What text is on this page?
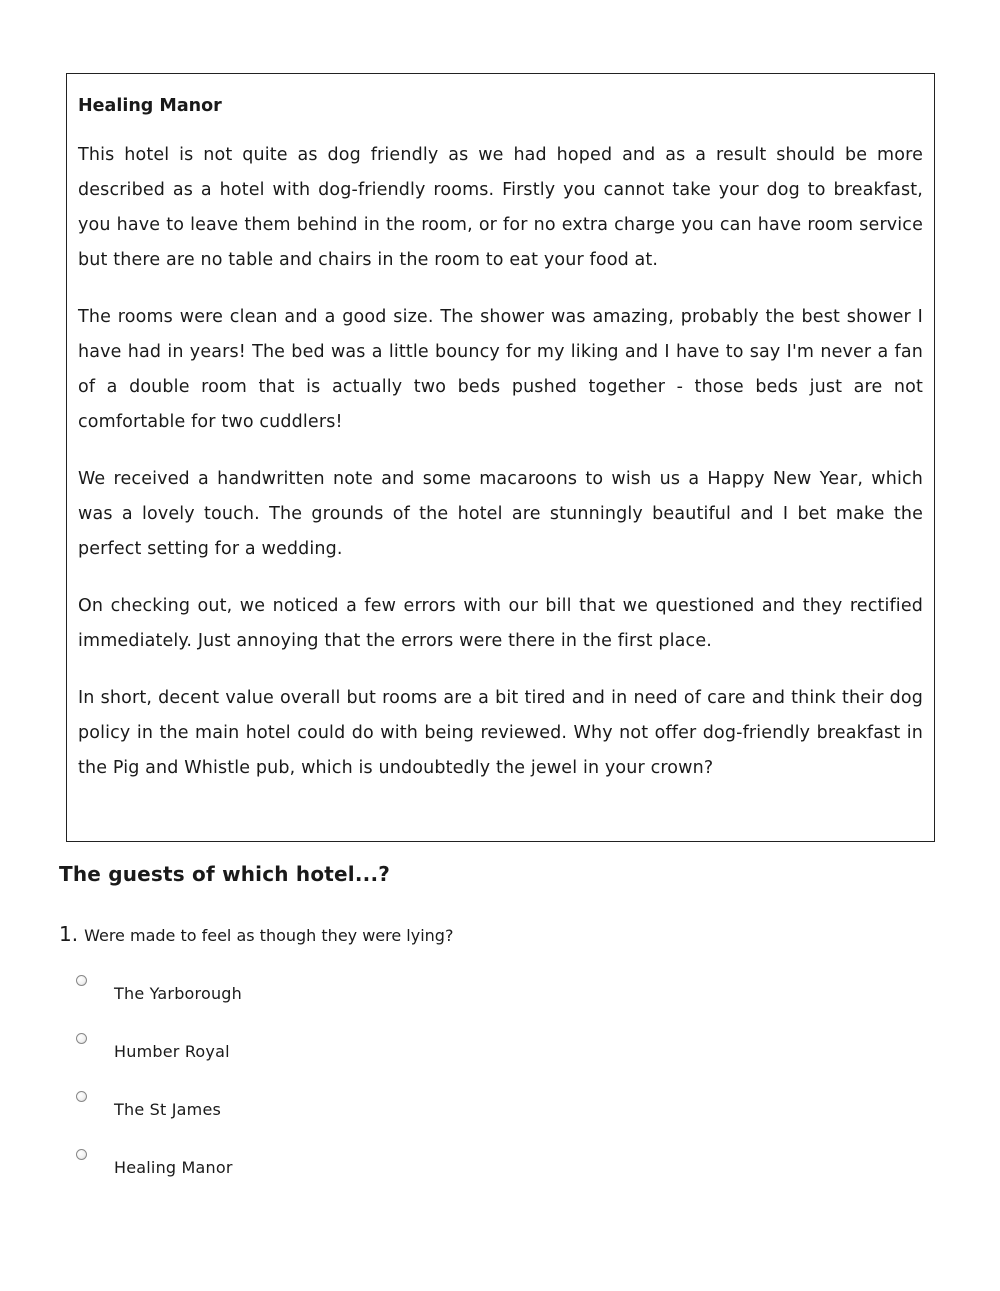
Healing Manor

This hotel is not quite as dog friendly as we had hoped and as a result should be more described as a hotel with dog-friendly rooms. Firstly you cannot take your dog to breakfast, you have to leave them behind in the room, or for no extra charge you can have room service but there are no table and chairs in the room to eat your food at.

The rooms were clean and a good size. The shower was amazing, probably the best shower I have had in years! The bed was a little bouncy for my liking and I have to say I'm never a fan of a double room that is actually two beds pushed together - those beds just are not comfortable for two cuddlers!

We received a handwritten note and some macaroons to wish us a Happy New Year, which was a lovely touch. The grounds of the hotel are stunningly beautiful and I bet make the perfect setting for a wedding.

On checking out, we noticed a few errors with our bill that we questioned and they rectified immediately. Just annoying that the errors were there in the first place.

In short, decent value overall but rooms are a bit tired and in need of care and think their dog policy in the main hotel could do with being reviewed. Why not offer dog-friendly breakfast in the Pig and Whistle pub, which is undoubtedly the jewel in your crown?

The guests of which hotel...?
1. Were made to feel as though they were lying?
The Yarborough
Humber Royal
The St James
Healing Manor
